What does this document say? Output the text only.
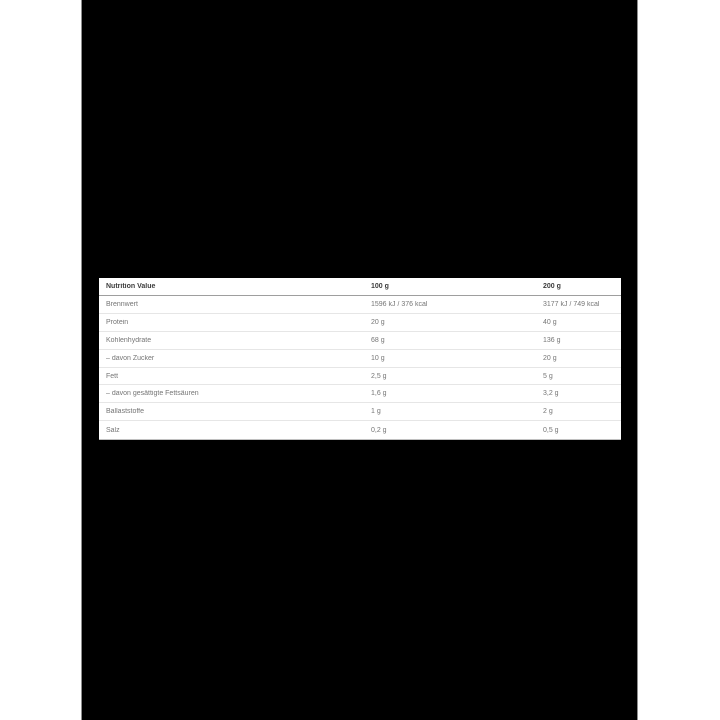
Nutrition Value	100 g	200 g
Brennwert	1596 kJ / 376 kcal	3177 kJ / 749 kcal
Protein	20 g	40 g
Kohlenhydrate	68 g	136 g
– davon Zucker	10 g	20 g
Fett	2,5 g	5 g
– davon gesättigte Fettsäuren	1,6 g	3,2 g
Ballaststoffe	1 g	2 g
Salz	0,2 g	0,5 g
